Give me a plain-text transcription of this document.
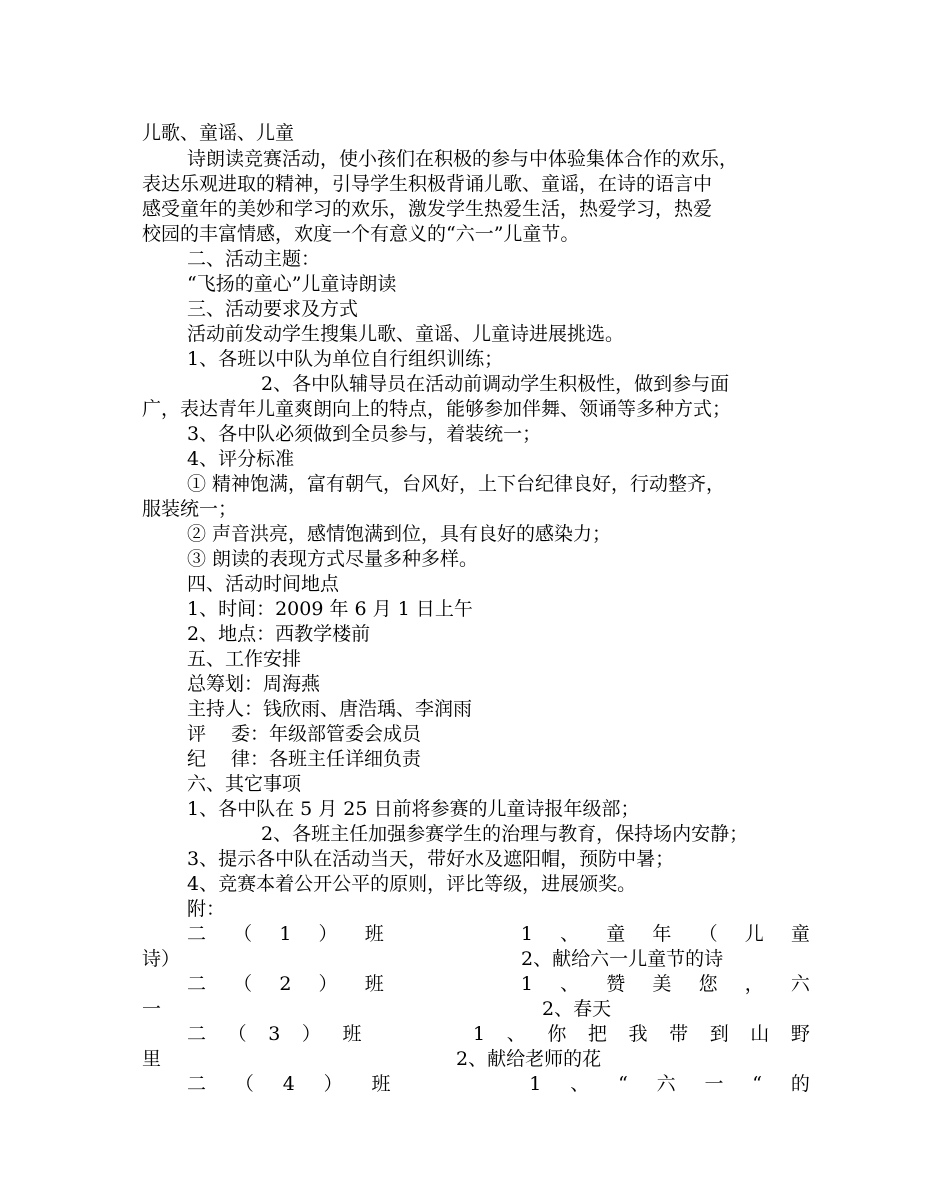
儿歌、童谣、儿童
诗朗读竞赛活动，使小孩们在积极的参与中体验集体合作的欢乐，
表达乐观进取的精神，引导学生积极背诵儿歌、童谣，在诗的语言中
感受童年的美妙和学习的欢乐，激发学生热爱生活，热爱学习，热爱
校园的丰富情感，欢度一个有意义的“六一”儿童节。
二、活动主题：
“飞扬的童心”儿童诗朗读
三、活动要求及方式
活动前发动学生搜集儿歌、童谣、儿童诗进展挑选。
1、各班以中队为单位自行组织训练；
2、各中队辅导员在活动前调动学生积极性，做到参与面
广，表达青年儿童爽朗向上的特点，能够参加伴舞、领诵等多种方式；
3、各中队必须做到全员参与，着装统一；
4、评分标准
① 精神饱满，富有朝气，台风好，上下台纪律良好，行动整齐，
服装统一；
② 声音洪亮，感情饱满到位，具有良好的感染力；
③ 朗读的表现方式尽量多种多样。
四、活动时间地点
1、时间：2009 年 6 月 1 日上午
2、地点：西教学楼前
五、工作安排
总筹划：周海燕
主持人：钱欣雨、唐浩瑀、李润雨
评　 委：年级部管委会成员
纪　 律：各班主任详细负责
六、其它事项
1、各中队在 5 月 25 日前将参赛的儿童诗报年级部；
2、各班主任加强参赛学生的治理与教育，保持场内安静；
3、提示各中队在活动当天，带好水及遮阳帽，预防中暑；
4、竞赛本着公开公平的原则，评比等级，进展颁奖。
附：
二 （ 1 ） 班	1 、 童 年 （ 儿 童
诗）	2、献给六一儿童节的诗
二 （ 2 ） 班	1 、 赞 美 您 ， 六
一	2、春天
二 （ 3 ） 班	1 、 你 把 我 带 到 山 野
里	2、献给老师的花
二 （ 4 ） 班	1 、 “ 六 一 “ 的
